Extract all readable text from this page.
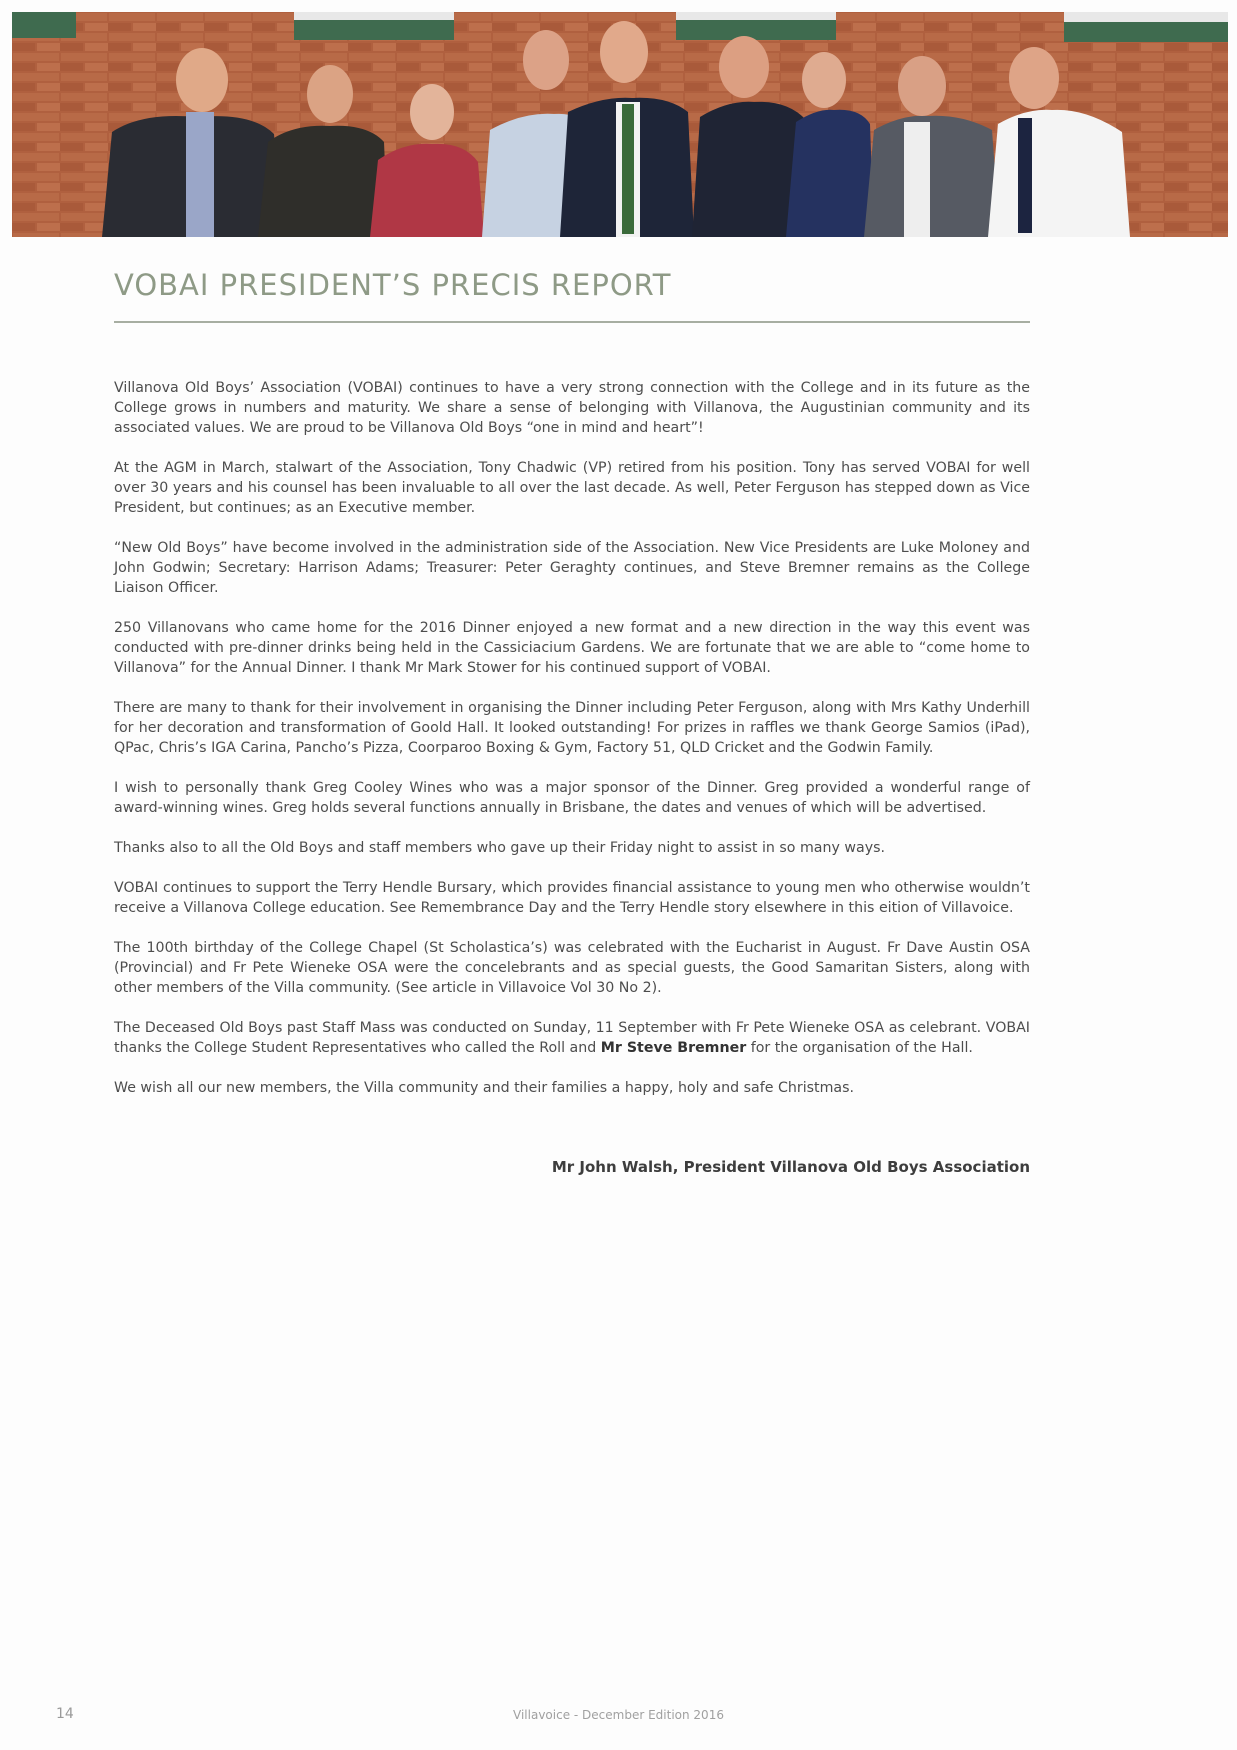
VOBAI PRESIDENT’S PRECIS REPORT

Villanova Old Boys’ Association (VOBAI) continues to have a very strong connection with the College and in its future as the College grows in numbers and maturity. We share a sense of belonging with Villanova, the Augustinian community and its associated values. We are proud to be Villanova Old Boys “one in mind and heart”!

At the AGM in March, stalwart of the Association, Tony Chadwic (VP) retired from his position. Tony has served VOBAI for well over 30 years and his counsel has been invaluable to all over the last decade. As well, Peter Ferguson has stepped down as Vice President, but continues; as an Executive member.

“New Old Boys” have become involved in the administration side of the Association. New Vice Presidents are Luke Moloney and John Godwin; Secretary: Harrison Adams; Treasurer: Peter Geraghty continues, and Steve Bremner remains as the College Liaison Officer.

250 Villanovans who came home for the 2016 Dinner enjoyed a new format and a new direction in the way this event was conducted with pre-dinner drinks being held in the Cassiciacium Gardens. We are fortunate that we are able to “come home to Villanova” for the Annual Dinner. I thank Mr Mark Stower for his continued support of VOBAI.

There are many to thank for their involvement in organising the Dinner including Peter Ferguson, along with Mrs Kathy Underhill for her decoration and transformation of Goold Hall. It looked outstanding! For prizes in raffles we thank George Samios (iPad), QPac, Chris’s IGA Carina, Pancho’s Pizza, Coorparoo Boxing & Gym, Factory 51, QLD Cricket and the Godwin Family.

I wish to personally thank Greg Cooley Wines who was a major sponsor of the Dinner. Greg provided a wonderful range of award-winning wines. Greg holds several functions annually in Brisbane, the dates and venues of which will be advertised.

Thanks also to all the Old Boys and staff members who gave up their Friday night to assist in so many ways.

VOBAI continues to support the Terry Hendle Bursary, which provides financial assistance to young men who otherwise wouldn’t receive a Villanova College education. See Remembrance Day and the Terry Hendle story elsewhere in this eition of Villavoice.

The 100th birthday of the College Chapel (St Scholastica’s) was celebrated with the Eucharist in August. Fr Dave Austin OSA (Provincial) and Fr Pete Wieneke OSA were the concelebrants and as special guests, the Good Samaritan Sisters, along with other members of the Villa community. (See article in Villavoice Vol 30 No 2).

The Deceased Old Boys past Staff Mass was conducted on Sunday, 11 September with Fr Pete Wieneke OSA as celebrant. VOBAI thanks the College Student Representatives who called the Roll and Mr Steve Bremner for the organisation of the Hall.

We wish all our new members, the Villa community and their families a happy, holy and safe Christmas.

Mr John Walsh, President Villanova Old Boys Association
14	Villavoice - December Edition 2016
